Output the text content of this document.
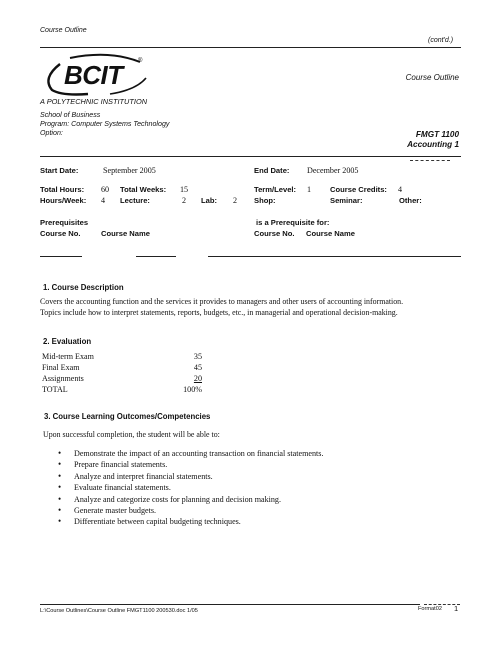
Course Outline
(cont'd.)
BCIT	®
A POLYTECHNIC INSTITUTION
School of Business
Program: Computer Systems Technology
Option:
Course Outline
FMGT 1100
Accounting 1
Start Date:	September 2005	End Date: December 2005
Total Hours: 60 Total Weeks: 15	Term/Level: 1 Course Credits: 4
Hours/Week: 4 Lecture:	2 Lab: 2 Shop:	Seminar:	Other:
Prerequisites
Course No.	Course Name
is a Prerequisite for:
Course No. Course Name
1. Course Description
Covers the accounting function and the services it provides to managers and other users of accounting information.
Topics include how to interpret statements, reports, budgets, etc., in managerial and operational decision-making.
2. Evaluation
Mid-term Exam	35
Final Exam	45
Assignments	20
TOTAL	100%
3. Course Learning Outcomes/Competencies
Upon successful completion, the student will be able to:
• Demonstrate the impact of an accounting transaction on financial statements.
• Prepare financial statements.
• Analyze and interpret financial statements.
• Evaluate financial statements.
• Analyze and categorize costs for planning and decision making.
• Generate master budgets.
• Differentiate between capital budgeting techniques.
L:\Course Outlines\Course Outline FMGT1100 200530.doc 1/05	Format02 1
